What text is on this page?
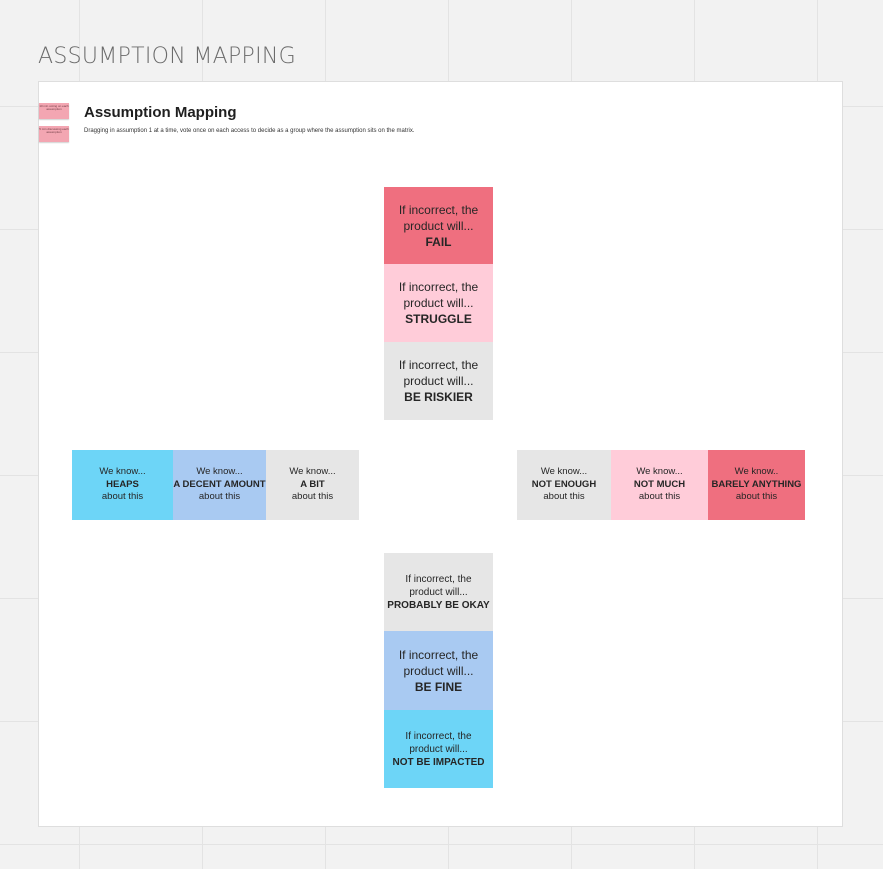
ASSUMPTION MAPPING
10 min voting on each assumption
5 min discussing each assumption
Assumption Mapping
Dragging in assumption 1 at a time, vote once on each access to decide as a group where the assumption sits on the matrix.
If incorrect, the
product will...
FAIL
If incorrect, the
product will...
STRUGGLE
If incorrect, the
product will...
BE RISKIER
We know...
HEAPS
about this
We know...
A DECENT AMOUNT
about this
We know...
A BIT
about this
We know...
NOT ENOUGH
about this
We know...
NOT MUCH
about this
We know..
BARELY ANYTHING
about this
If incorrect, the
product will...
PROBABLY BE OKAY
If incorrect, the
product will...
BE FINE
If incorrect, the
product will...
NOT BE IMPACTED
